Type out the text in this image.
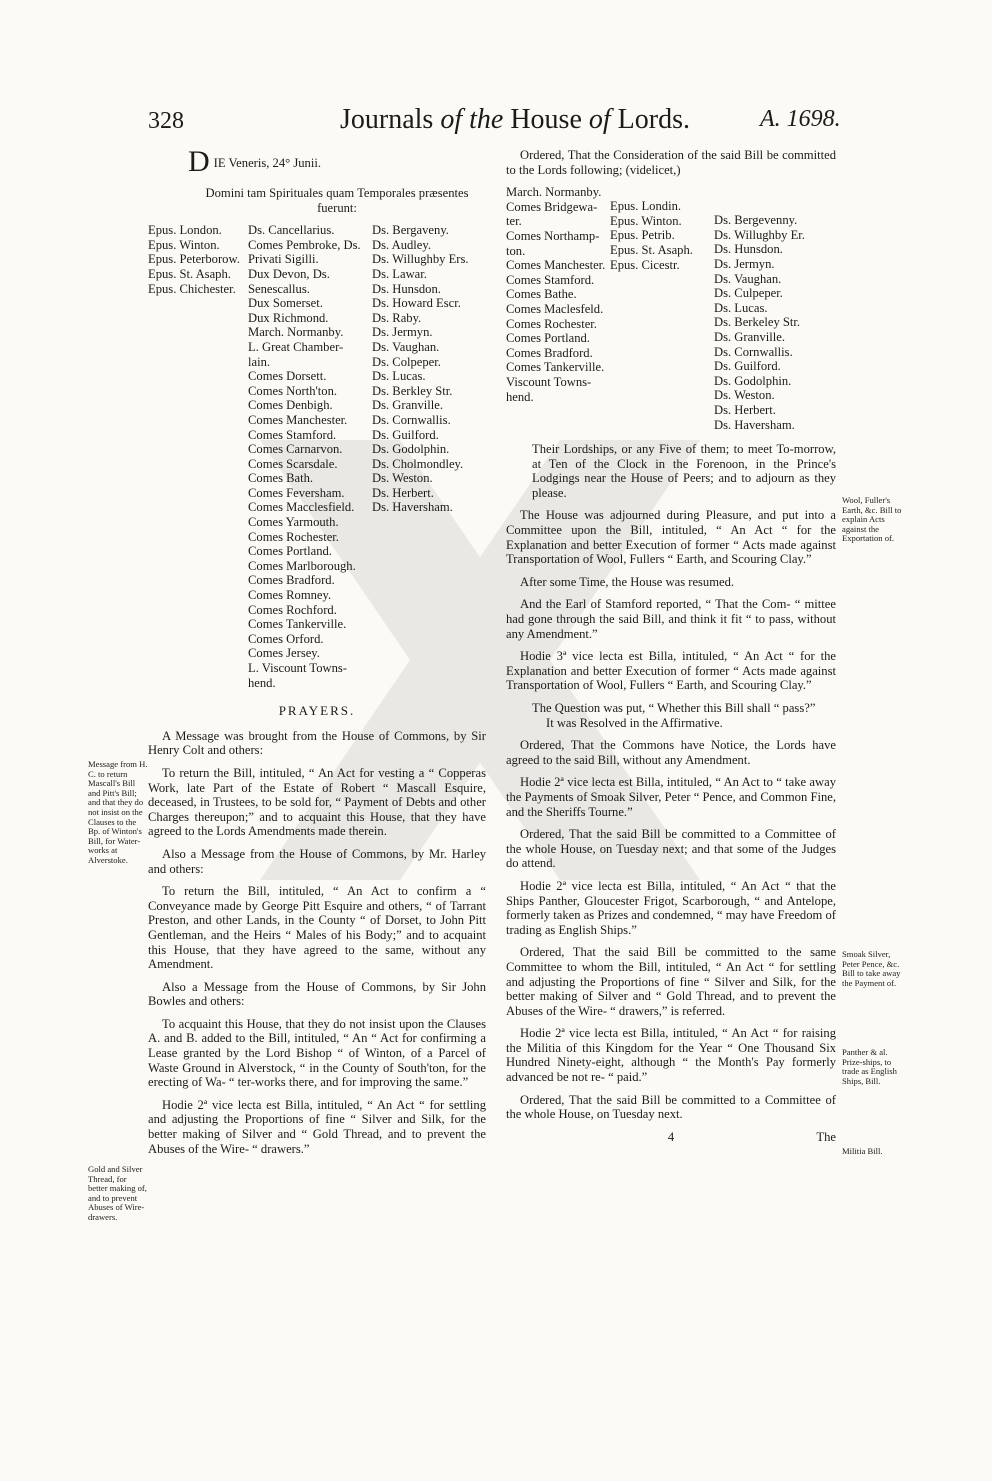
328	Journals of the House of Lords.	A. 1698.
Message from H. C. to return Mascall's Bill and Pitt's Bill; and that they do not insist on the Clauses to the Bp. of Winton's Bill, for Water-works at Alverstoke.
Gold and Silver Thread, for better making of, and to prevent Abuses of Wire-drawers.
Wool, Fuller's Earth, &c. Bill to explain Acts against the Exportation of.
Smoak Silver, Peter Pence, &c. Bill to take away the Payment of.
Panther & al. Prize-ships, to trade as English Ships, Bill.
Militia Bill.
D IE Veneris, 24° Junii.

Domini tam Spirituales quam Temporales præsentes fuerunt:

Epus. London.
Epus. Winton.
Epus. Peterborow.
Epus. St. Asaph.
Epus. Chichester.
Ds. Cancellarius.
Comes Pembroke, Ds.
Privati Sigilli.
Dux Devon, Ds.
Senescallus.
Dux Somerset.
Dux Richmond.
March. Normanby.
L. Great Chamber-
lain.
Comes Dorsett.
Comes North'ton.
Comes Denbigh.
Comes Manchester.
Comes Stamford.
Comes Carnarvon.
Comes Scarsdale.
Comes Bath.
Comes Feversham.
Comes Macclesfield.
Comes Yarmouth.
Comes Rochester.
Comes Portland.
Comes Marlborough.
Comes Bradford.
Comes Romney.
Comes Rochford.
Comes Tankerville.
Comes Orford.
Comes Jersey.
L. Viscount Towns-
hend.
Ds. Bergaveny.
Ds. Audley.
Ds. Willughby Ers.
Ds. Lawar.
Ds. Hunsdon.
Ds. Howard Escr.
Ds. Raby.
Ds. Jermyn.
Ds. Vaughan.
Ds. Colpeper.
Ds. Lucas.
Ds. Berkley Str.
Ds. Granville.
Ds. Cornwallis.
Ds. Guilford.
Ds. Godolphin.
Ds. Cholmondley.
Ds. Weston.
Ds. Herbert.
Ds. Haversham.
PRAYERS.

A Message was brought from the House of Commons, by Sir Henry Colt and others:

To return the Bill, intituled, “ An Act for vesting a “ Copperas Work, late Part of the Estate of Robert “ Mascall Esquire, deceased, in Trustees, to be sold for, “ Payment of Debts and other Charges thereupon;” and to acquaint this House, that they have agreed to the Lords Amendments made therein.

Also a Message from the House of Commons, by Mr. Harley and others:

To return the Bill, intituled, “ An Act to confirm a “ Conveyance made by George Pitt Esquire and others, “ of Tarrant Preston, and other Lands, in the County “ of Dorset, to John Pitt Gentleman, and the Heirs “ Males of his Body;” and to acquaint this House, that they have agreed to the same, without any Amendment.

Also a Message from the House of Commons, by Sir John Bowles and others:

To acquaint this House, that they do not insist upon the Clauses A. and B. added to the Bill, intituled, “ An “ Act for confirming a Lease granted by the Lord Bishop “ of Winton, of a Parcel of Waste Ground in Alverstock, “ in the County of South'ton, for the erecting of Wa- “ ter-works there, and for improving the same.”

Hodie 2ª vice lecta est Billa, intituled, “ An Act “ for settling and adjusting the Proportions of fine “ Silver and Silk, for the better making of Silver and “ Gold Thread, and to prevent the Abuses of the Wire- “ drawers.”

Ordered, That the Consideration of the said Bill be committed to the Lords following; (videlicet,)

March. Normanby.
Comes Bridgewa-
ter.
Comes Northamp-
ton.
Comes Manchester.
Comes Stamford.
Comes Bathe.
Comes Maclesfeld.
Comes Rochester.
Comes Portland.
Comes Bradford.
Comes Tankerville.
Viscount Towns-
hend.
Epus. Londin.
Epus. Winton.
Epus. Petrib.
Epus. St. Asaph.
Epus. Cicestr.
Ds. Bergevenny.
Ds. Willughby Er.
Ds. Hunsdon.
Ds. Jermyn.
Ds. Vaughan.
Ds. Culpeper.
Ds. Lucas.
Ds. Berkeley Str.
Ds. Granville.
Ds. Cornwallis.
Ds. Guilford.
Ds. Godolphin.
Ds. Weston.
Ds. Herbert.
Ds. Haversham.

Their Lordships, or any Five of them; to meet To-morrow, at Ten of the Clock in the Forenoon, in the Prince's Lodgings near the House of Peers; and to adjourn as they please.

The House was adjourned during Pleasure, and put into a Committee upon the Bill, intituled, “ An Act “ for the Explanation and better Execution of former “ Acts made against Transportation of Wool, Fullers “ Earth, and Scouring Clay.”

After some Time, the House was resumed.

And the Earl of Stamford reported, “ That the Com- “ mittee had gone through the said Bill, and think it fit “ to pass, without any Amendment.”

Hodie 3ª vice lecta est Billa, intituled, “ An Act “ for the Explanation and better Execution of former “ Acts made against Transportation of Wool, Fullers “ Earth, and Scouring Clay.”

The Question was put, “ Whether this Bill shall “ pass?”

It was Resolved in the Affirmative.

Ordered, That the Commons have Notice, the Lords have agreed to the said Bill, without any Amendment.

Hodie 2ª vice lecta est Billa, intituled, “ An Act to “ take away the Payments of Smoak Silver, Peter “ Pence, and Common Fine, and the Sheriffs Tourne.”

Ordered, That the said Bill be committed to a Committee of the whole House, on Tuesday next; and that some of the Judges do attend.

Hodie 2ª vice lecta est Billa, intituled, “ An Act “ that the Ships Panther, Gloucester Frigot, Scarborough, “ and Antelope, formerly taken as Prizes and condemned, “ may have Freedom of trading as English Ships.”

Ordered, That the said Bill be committed to the same Committee to whom the Bill, intituled, “ An Act “ for settling and adjusting the Proportions of fine “ Silver and Silk, for the better making of Silver and “ Gold Thread, and to prevent the Abuses of the Wire- “ drawers,” is referred.

Hodie 2ª vice lecta est Billa, intituled, “ An Act “ for raising the Militia of this Kingdom for the Year “ One Thousand Six Hundred Ninety-eight, although “ the Month's Pay formerly advanced be not re- “ paid.”

Ordered, That the said Bill be committed to a Committee of the whole House, on Tuesday next.

4	The
